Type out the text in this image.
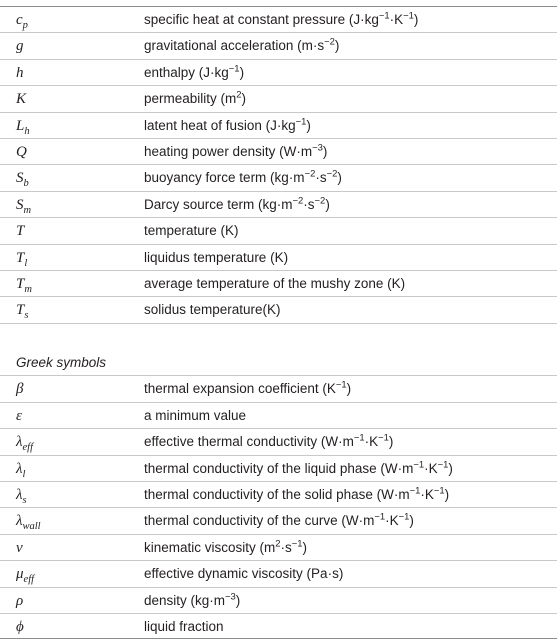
$c_p$	specific heat at constant pressure $(J\cdot kg^{-1}\cdot K^{-1})$
g	gravitational acceleration $(m\cdot s^{-2})$
h	enthalpy $(J\cdot kg^{-1})$
K	permeability $(m^2)$
$L_h$	latent heat of fusion $(J\cdot kg^{-1})$
Q	heating power density $(W\cdot m^{-3})$
$S_b$	buoyancy force term $(kg\cdot m^{-2}\cdot s^{-2})$
$S_m$	Darcy source term $(kg\cdot m^{-2}\cdot s^{-2})$
T	temperature (K)
$T_l$	liquidus temperature (K)
$T_m$	average temperature of the mushy zone (K)
$T_s$	solidus temperature(K)
Greek symbols
β	thermal expansion coefficient $(K^{-1})$
ε	a minimum value
$\lambda_{eff}$	effective thermal conductivity $(W\cdot m^{-1}\cdot K^{-1})$
$\lambda_l$	thermal conductivity of the liquid phase $(W\cdot m^{-1}\cdot K^{-1})$
$\lambda_s$	thermal conductivity of the solid phase $(W\cdot m^{-1}\cdot K^{-1})$
$\lambda_{wall}$	thermal conductivity of the curve $(W\cdot m^{-1}\cdot K^{-1})$
ν	kinematic viscosity $(m^2\cdot s^{-1})$
$\mu_{eff}$	effective dynamic viscosity (Pa·s)
ρ	density $(kg\cdot m^{-3})$
ϕ	liquid fraction
